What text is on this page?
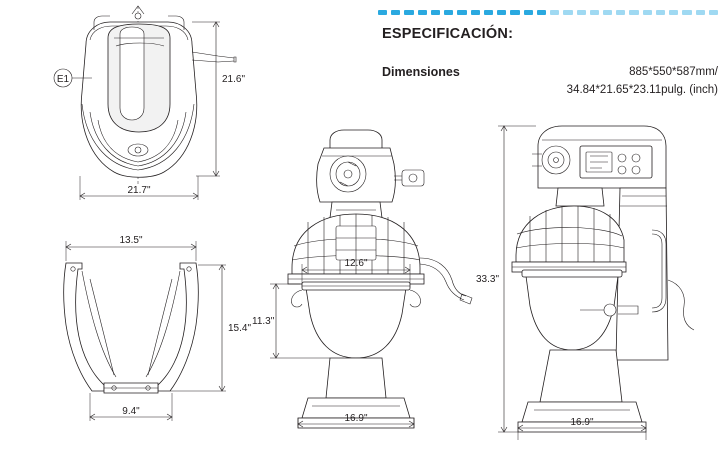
ESPECIFICACIÓN:
Dimensiones	885*550*587mm/
34.84*21.65*23.11pulg. (inch)
E1	21.6"
21.7"
13.5"
15.4"
9.4"
12.6"
11.3"
16.9"
33.3"
16.9"
